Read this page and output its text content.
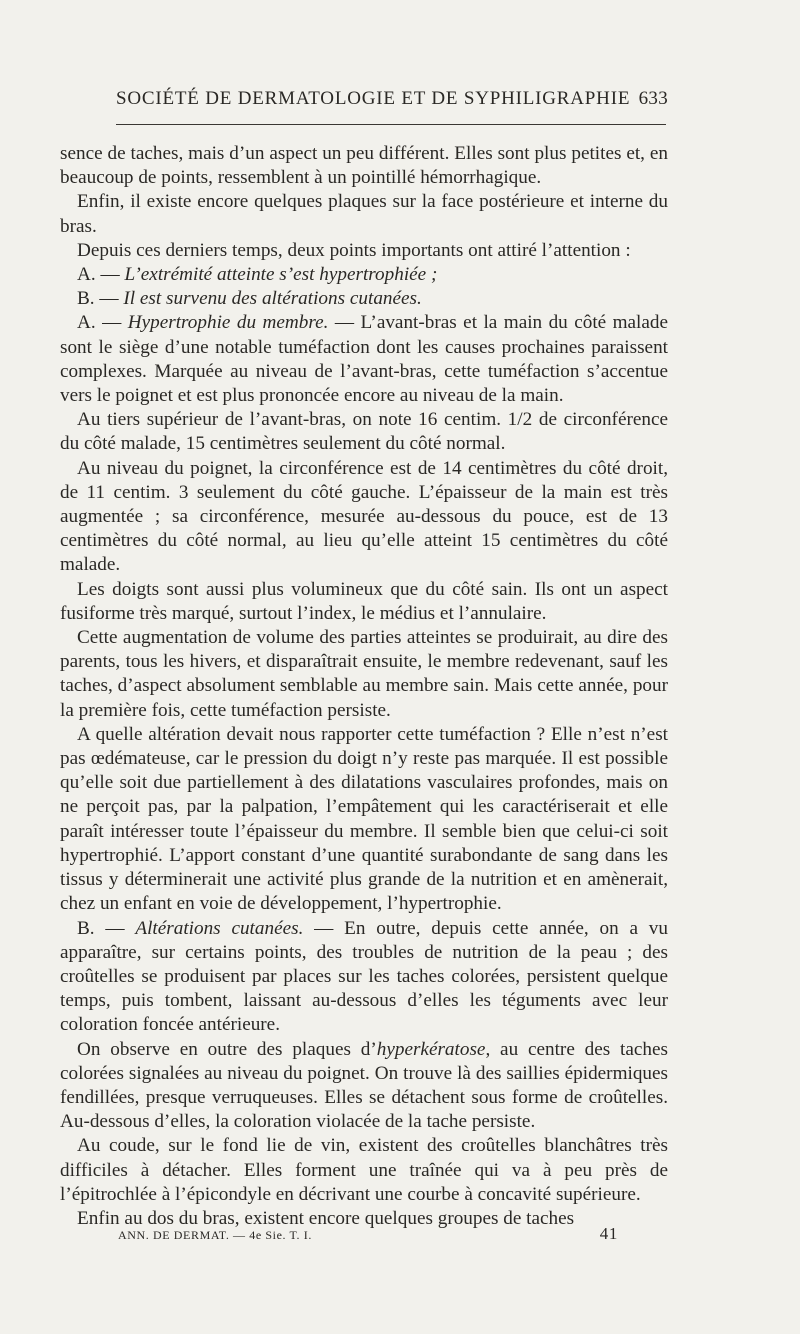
SOCIÉTÉ DE DERMATOLOGIE ET DE SYPHILIGRAPHIE 633

sence de taches, mais d’un aspect un peu différent. Elles sont plus petites et, en beaucoup de points, ressemblent à un pointillé hémorrhagique.

Enfin, il existe encore quelques plaques sur la face postérieure et interne du bras.

Depuis ces derniers temps, deux points importants ont attiré l’attention :

A. — L’extrémité atteinte s’est hypertrophiée ;

B. — Il est survenu des altérations cutanées.

A. — Hypertrophie du membre. — L’avant-bras et la main du côté malade sont le siège d’une notable tuméfaction dont les causes prochaines paraissent complexes. Marquée au niveau de l’avant-bras, cette tuméfaction s’accentue vers le poignet et est plus prononcée encore au niveau de la main.

Au tiers supérieur de l’avant-bras, on note 16 centim. 1/2 de circonférence du côté malade, 15 centimètres seulement du côté normal.

Au niveau du poignet, la circonférence est de 14 centimètres du côté droit, de 11 centim. 3 seulement du côté gauche. L’épaisseur de la main est très augmentée ; sa circonférence, mesurée au-dessous du pouce, est de 13 centimètres du côté normal, au lieu qu’elle atteint 15 centimètres du côté malade.

Les doigts sont aussi plus volumineux que du côté sain. Ils ont un aspect fusiforme très marqué, surtout l’index, le médius et l’annulaire.

Cette augmentation de volume des parties atteintes se produirait, au dire des parents, tous les hivers, et disparaîtrait ensuite, le membre redevenant, sauf les taches, d’aspect absolument semblable au membre sain. Mais cette année, pour la première fois, cette tuméfaction persiste.

A quelle altération devait nous rapporter cette tuméfaction ? Elle n’est n’est pas œdémateuse, car le pression du doigt n’y reste pas marquée. Il est possible qu’elle soit due partiellement à des dilatations vasculaires profondes, mais on ne perçoit pas, par la palpation, l’empâtement qui les caractériserait et elle paraît intéresser toute l’épaisseur du membre. Il semble bien que celui-ci soit hypertrophié. L’apport constant d’une quantité surabondante de sang dans les tissus y déterminerait une activité plus grande de la nutrition et en amènerait, chez un enfant en voie de développement, l’hypertrophie.

B. — Altérations cutanées. — En outre, depuis cette année, on a vu apparaître, sur certains points, des troubles de nutrition de la peau ; des croûtelles se produisent par places sur les taches colorées, persistent quelque temps, puis tombent, laissant au-dessous d’elles les téguments avec leur coloration foncée antérieure.

On observe en outre des plaques d’hyperkératose, au centre des taches colorées signalées au niveau du poignet. On trouve là des saillies épidermiques fendillées, presque verruqueuses. Elles se détachent sous forme de croûtelles. Au-dessous d’elles, la coloration violacée de la tache persiste.

Au coude, sur le fond lie de vin, existent des croûtelles blanchâtres très difficiles à détacher. Elles forment une traînée qui va à peu près de l’épitrochlée à l’épicondyle en décrivant une courbe à concavité supérieure.

Enfin au dos du bras, existent encore quelques groupes de taches

ANN. DE DERMAT. — 4e Sie. T. I.	41
